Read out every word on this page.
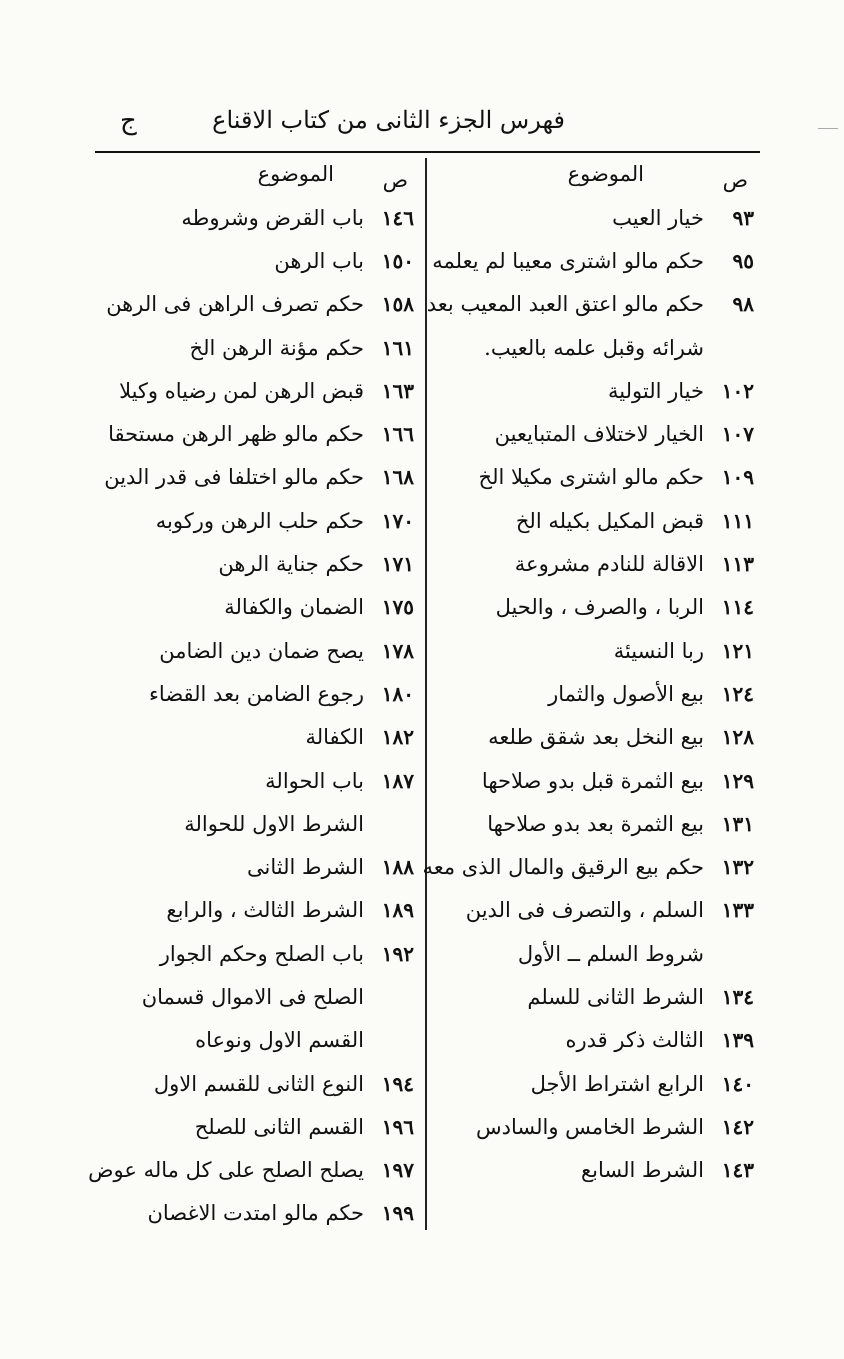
فهرس الجزء الثانى من كتاب الاقناع
ج
ص
الموضوع
٩٣
خيار العيب
٩٥
حكم مالو اشترى معيبا لم يعلمه
٩٨
حكم مالو اعتق العبد المعيب بعد
شرائه وقبل علمه بالعيب.
١٠٢
خيار التولية
١٠٧
الخيار لاختلاف المتبايعين
١٠٩
حكم مالو اشترى مكيلا الخ
١١١
قبض المكيل بكيله الخ
١١٣
الاقالة للنادم مشروعة
١١٤
الربا ، والصرف ، والحيل
١٢١
ربا النسيئة
١٢٤
بيع الأصول والثمار
١٢٨
بيع النخل بعد شقق طلعه
١٢٩
بيع الثمرة قبل بدو صلاحها
١٣١
بيع الثمرة بعد بدو صلاحها
١٣٢
حكم بيع الرقيق والمال الذى معه
١٣٣
السلم ، والتصرف فى الدين
شروط السلم ــ الأول
١٣٤
الشرط الثانى للسلم
١٣٩
الثالث ذكر قدره
١٤٠
الرابع اشتراط الأجل
١٤٢
الشرط الخامس والسادس
١٤٣
الشرط السابع
ص
الموضوع
١٤٦
باب القرض وشروطه
١٥٠
باب الرهن
١٥٨
حكم تصرف الراهن فى الرهن
١٦١
حكم مؤنة الرهن الخ
١٦٣
قبض الرهن لمن رضياه وكيلا
١٦٦
حكم مالو ظهر الرهن مستحقا
١٦٨
حكم مالو اختلفا فى قدر الدين
١٧٠
حكم حلب الرهن وركوبه
١٧١
حكم جناية الرهن
١٧٥
الضمان والكفالة
١٧٨
يصح ضمان دين الضامن
١٨٠
رجوع الضامن بعد القضاء
١٨٢
الكفالة
١٨٧
باب الحوالة
الشرط الاول للحوالة
١٨٨
الشرط الثانى
١٨٩
الشرط الثالث ، والرابع
١٩٢
باب الصلح وحكم الجوار
الصلح فى الاموال قسمان
القسم الاول ونوعاه
١٩٤
النوع الثانى للقسم الاول
١٩٦
القسم الثانى للصلح
١٩٧
يصلح الصلح على كل ماله عوض
١٩٩
حكم مالو امتدت الاغصان
